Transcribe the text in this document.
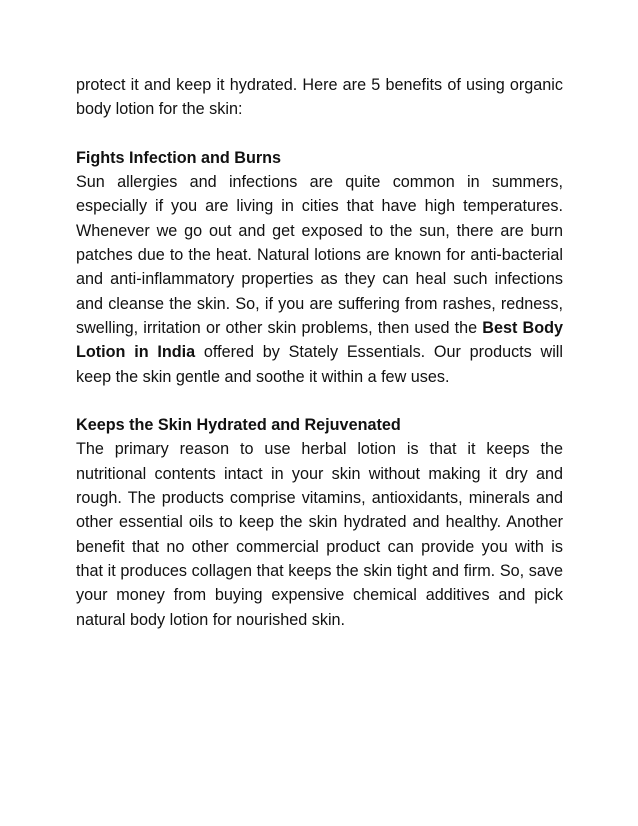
protect it and keep it hydrated. Here are 5 benefits of using organic body lotion for the skin:

Fights Infection and Burns

Sun allergies and infections are quite common in summers, especially if you are living in cities that have high temperatures. Whenever we go out and get exposed to the sun, there are burn patches due to the heat. Natural lotions are known for anti-bacterial and anti-inflammatory properties as they can heal such infections and cleanse the skin. So, if you are suffering from rashes, redness, swelling, irritation or other skin problems, then used the Best Body Lotion in India offered by Stately Essentials. Our products will keep the skin gentle and soothe it within a few uses.

Keeps the Skin Hydrated and Rejuvenated

The primary reason to use herbal lotion is that it keeps the nutritional contents intact in your skin without making it dry and rough. The products comprise vitamins, antioxidants, minerals and other essential oils to keep the skin hydrated and healthy. Another benefit that no other commercial product can provide you with is that it produces collagen that keeps the skin tight and firm. So, save your money from buying expensive chemical additives and pick natural body lotion for nourished skin.
